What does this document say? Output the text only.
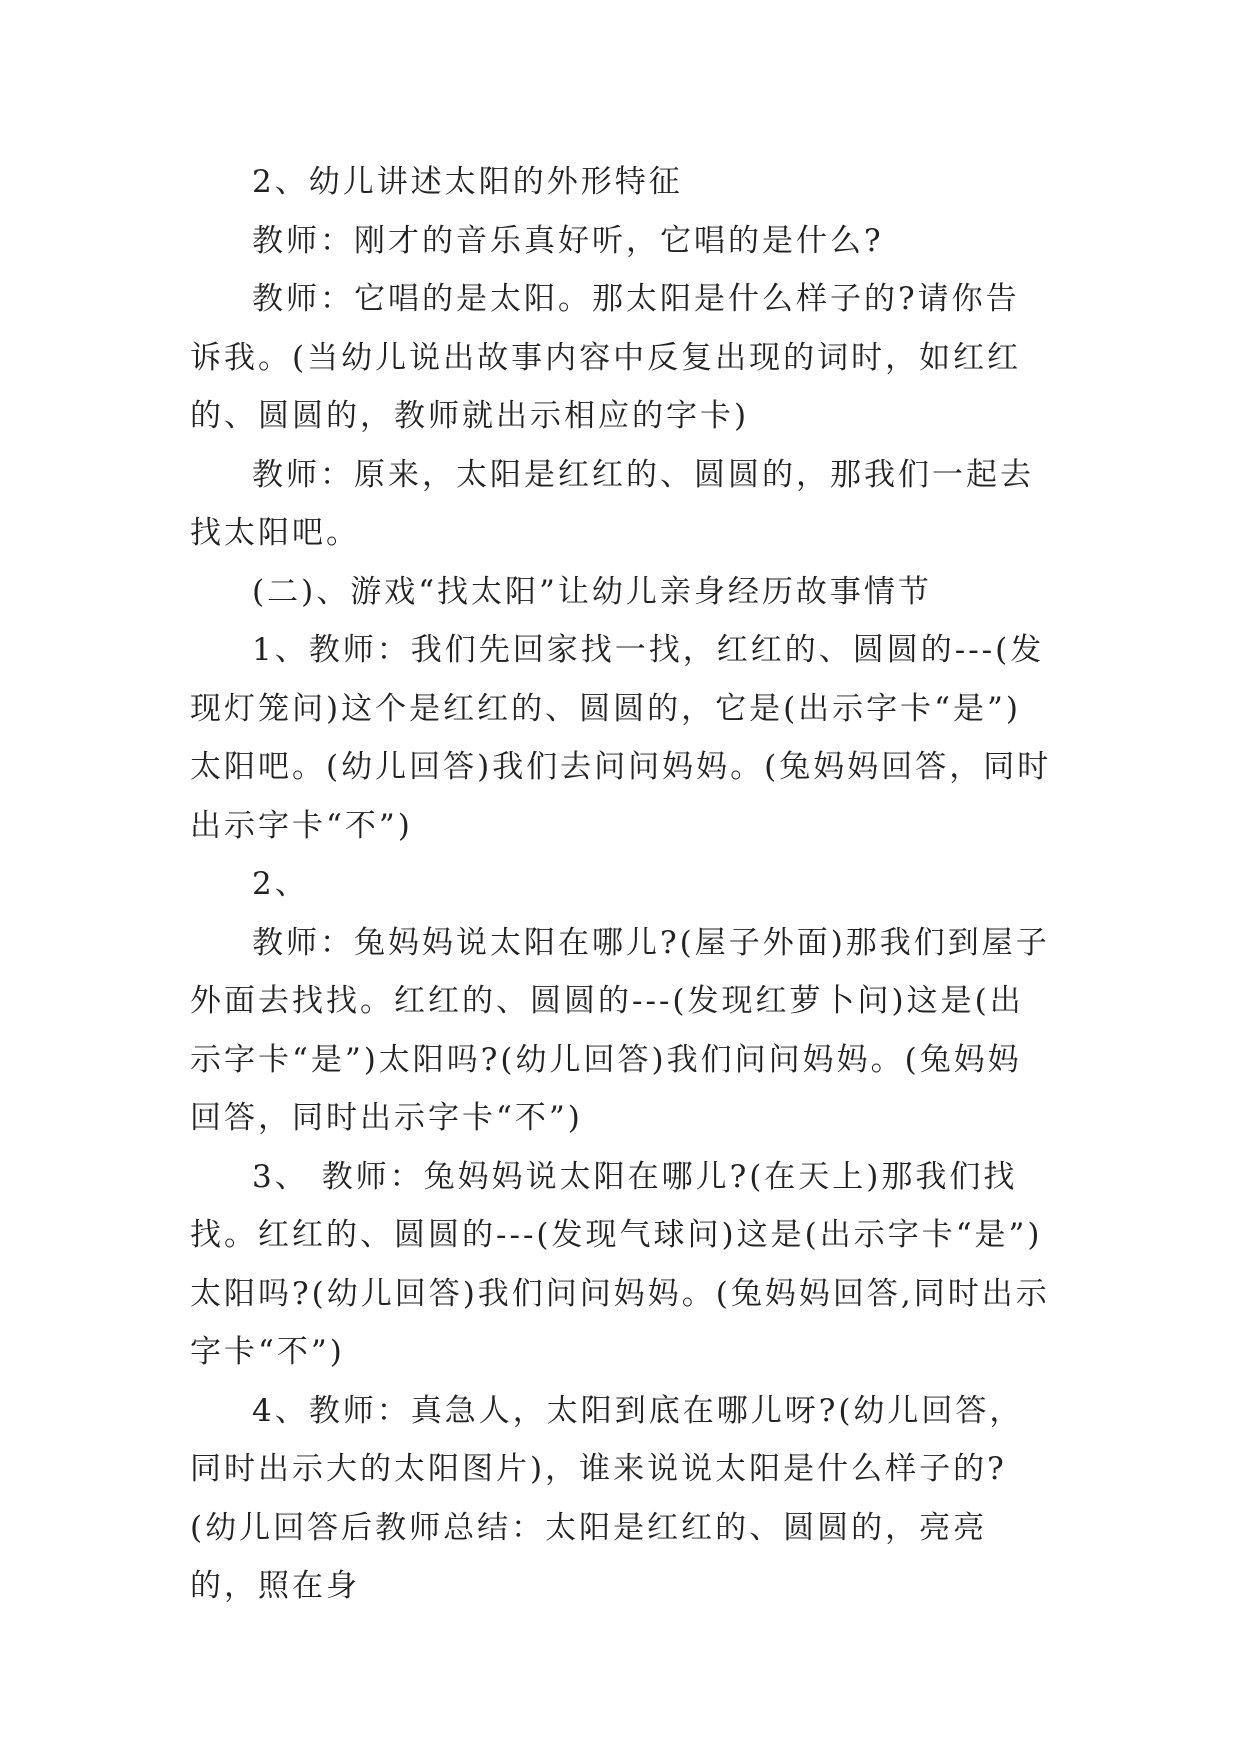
2、幼儿讲述太阳的外形特征

教师：刚才的音乐真好听，它唱的是什么?

教师：它唱的是太阳。那太阳是什么样子的?请你告诉我。(当幼儿说出故事内容中反复出现的词时，如红红的、圆圆的，教师就出示相应的字卡)

教师：原来，太阳是红红的、圆圆的，那我们一起去找太阳吧。

(二)、游戏“找太阳”让幼儿亲身经历故事情节

1、教师：我们先回家找一找，红红的、圆圆的---(发现灯笼问)这个是红红的、圆圆的，它是(出示字卡“是”)太阳吧。(幼儿回答)我们去问问妈妈。(兔妈妈回答，同时出示字卡“不”)

2、

教师：兔妈妈说太阳在哪儿?(屋子外面)那我们到屋子外面去找找。红红的、圆圆的---(发现红萝卜问)这是(出示字卡“是”)太阳吗?(幼儿回答)我们问问妈妈。(兔妈妈回答，同时出示字卡“不”)

3、 教师：兔妈妈说太阳在哪儿?(在天上)那我们找找。红红的、圆圆的---(发现气球问)这是(出示字卡“是”)太阳吗?(幼儿回答)我们问问妈妈。(兔妈妈回答,同时出示字卡“不”)

4、教师：真急人，太阳到底在哪儿呀?(幼儿回答，同时出示大的太阳图片)，谁来说说太阳是什么样子的?(幼儿回答后教师总结：太阳是红红的、圆圆的，亮亮的，照在身
